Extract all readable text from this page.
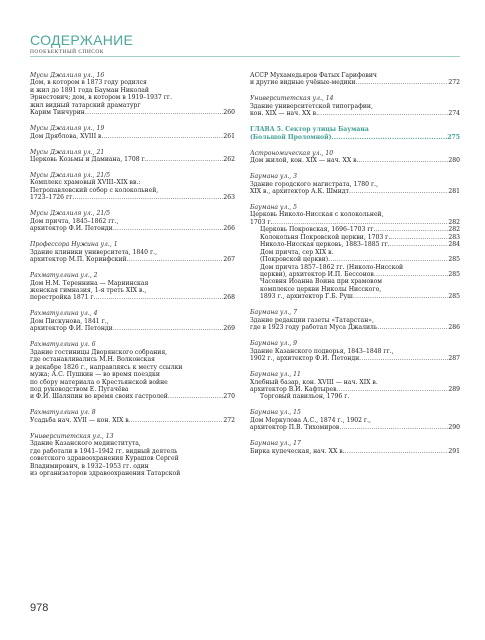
СОДЕРЖАНИЕ
ПООБЪЕКТНЫЙ СПИСОК
Мусы Джалиля ул., 16
Дом, в котором в 1873 году родился
и жил до 1891 года Бауман Николай
Эрнестович; дом, в котором в 1919–1937 гг.
жил видный татарский драматург
Карим Тинчурин .....	260
Мусы Джалиля ул., 19
Дом Дряблова, XVIII в. .....	261
Мусы Джалиля ул., 21
Церковь Козьмы и Дамиана, 1708 г. .....	262
Мусы Джалиля ул., 21/5
Комплекс храмовый XVIII–XIX вв.:
Петропавловский собор с колокольней,
1723–1726 гг. .....	263
Мусы Джалиля ул., 21/5
Дом причта, 1845–1862 гг.,
архитектор Ф.И. Петонди .....	266
Профессора Нужина ул., 1
Здание клиники университета, 1840 г.,
архитектор М.П. Коринфский .....	267
Рахматуллина ул., 2
Дом Н.М. Тереннина — Мариинская
женская гимназия, 1-я треть XIX в.,
перестройка 1871 г. .....	268
Рахматуллина ул., 4
Дом Пискунова, 1841 г.,
архитектор Ф.И. Петонди .....	269
Рахматуллина ул. 6
Здание гостиницы Дворянского собрания,
где останавливались М.Н. Волконская
в декабре 1826 г., направляясь к месту ссылки
мужа; А.С. Пушкин — во время поездки
по сбору материала о Крестьянской войне
под руководством Е. Пугачёва
и Ф.И. Шаляпин во время своих гастролей .....	270
Рахматуллина ул. 8
Усадьба нач. XVII — кон. XIX в. .....	272
Университетская ул., 13
Здание Казанского мединститута,
где работали в 1941–1942 гг. видный деятель
советского здравоохранения Курашов Сергей
Владимирович, в 1932–1953 гг. один
из организаторов здравоохранения Татарской
АССР Мухамедьяров Фатых Гарифович
и другие видные учёные-медики .....	272
Университетская ул., 14
Здание университетской типографии,
кон. XIX — нач. XX в. .....	274
ГЛАВА 5. Сектор улицы Баумана
(Большой Проломной) .....	275
Астрономическая ул., 10
Дом жилой, кон. XIX — нач. XX в. .....	280
Баумана ул., 3
Здание городского магистрата, 1780 г.,
XIX в., архитектор А.К. Шмидт .....	281
Баумана ул., 5
Церковь Николо-Нисская с колокольней,
1703 г. .....	282
Церковь Покровская, 1696–1703 гг. .....	282
Колокольня Покровской церкви, 1703 г. .....	283
Николо-Нисская церковь, 1883–1885 гг. .....	284
Дом причта, сер XIX в.
(Покровской церкви) .....	285
Дом причта 1857–1862 гг. (Николо-Нисской
церкви), архитектор И.П. Бессонов .....	285
Часовня Иоанна Воина при храмовом
комплексе церкви Николы Нисского,
1893 г., архитектор Г.Б. Руш .....	285
Баумана ул., 7
Здание редакции газеты «Татарстан»,
где в 1923 году работал Муса Джалиль .....	286
Баумана ул., 9
Здание Казанского подворья, 1843–1848 гг.,
1902 г., архитектор Ф.И. Петонди .....	287
Баумана ул., 11
Хлебный базар, кон. XVIII — нач. XIX в.
архитектор В.И. Кафтырев .....	289
Торговый павильон, 1796 г.
Баумана ул., 15
Дом Меркулова А.С., 1874 г., 1902 г.,
архитектор П.В. Тихомиров .....	290
Баумана ул., 17
Бирка купеческая, нач. XX в. .....	291
978
